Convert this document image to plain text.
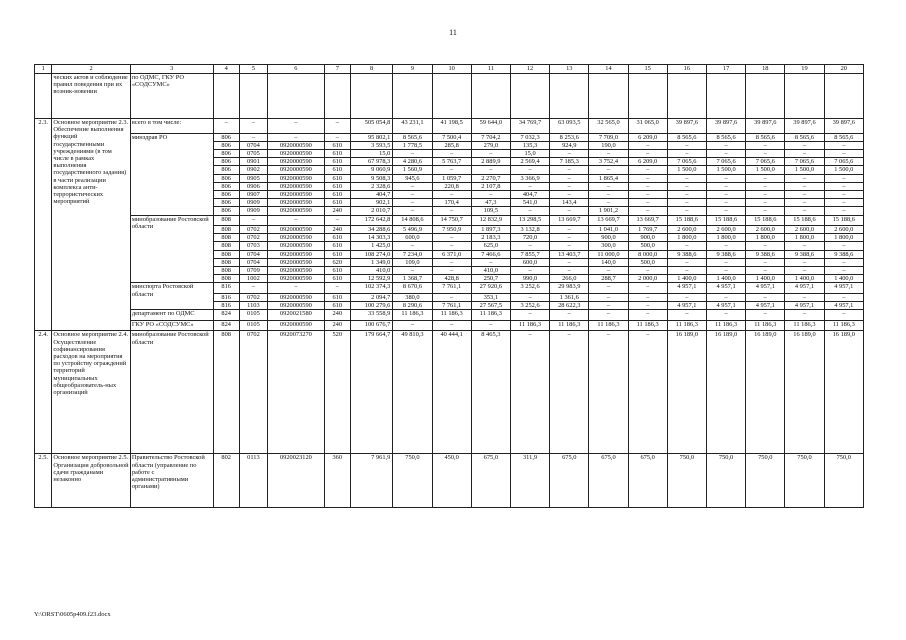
11
1	2	3	4	5	6	7	8	9	10	11	12	13	14	15	16	17	18	19	20
	ческих актов и соблюдение правил поведения при их возник-новении	по ОДМС, ГКУ РО «СОДСУМС»																	
2.3.	Основное мероприятие 2.3. Обеспечение выполнения функций государственными учреждениями (в том числе в рамках выполнения государственного задания) в части реализации комплекса анти-террористических мероприятий	всего в том числе:	–	–	–	–	505 054,8	43 231,1	41 198,5	59 644,0	34 769,7	63 093,5	32 565,0	31 065,0	39 897,6	39 897,6	39 897,6	39 897,6	39 897,6
		минздрав РО	806	–	–	–	95 802,1	8 565,6	7 500,4	7 704,2	7 032,3	8 253,6	7 709,0	6 209,0	8 565,6	8 565,6	8 565,6	8 565,6	8 565,6
			806	0704	0920000590	610	3 593,5	1 778,5	285,8	279,0	135,3	924,9	190,0	–	–	–	–	–	–
			806	0705	0920000590	610	15,0	–	–	–	15,0	–	–	–	–	–	–	–	–
			806	0901	0920000590	610	67 978,3	4 280,6	5 763,7	2 889,9	2 569,4	7 185,3	3 752,4	6 209,0	7 065,6	7 065,6	7 065,6	7 065,6	7 065,6
			806	0902	0920000590	610	9 060,9	1 560,9	–	–	–	–	–	–	1 500,0	1 500,0	1 500,0	1 500,0	1 500,0
			806	0905	0920000590	610	9 508,3	945,6	1 059,7	2 270,7	3 366,9	–	1 865,4	–	–	–	–	–	–
			806	0906	0920000590	610	2 328,6	–	220,8	2 107,8	–	–	–	–	–	–	–	–	–
			806	0907	0920000590	610	404,7	–	–	–	404,7	–	–	–	–	–	–	–	–
			806	0909	0920000590	610	902,1	–	170,4	47,3	541,0	143,4	–	–	–	–	–	–	–
			806	0909	0920000590	240	2 010,7	–	–	109,5	–	–	1 901,2	–	–	–	–	–	–
		минобразование Ростовской области	808	–	–	–	172 642,8	14 808,6	14 750,7	12 832,9	13 298,5	13 669,7	13 669,7	13 669,7	15 188,6	15 188,6	15 188,6	15 188,6	15 188,6
			808	0702	0920000590	240	34 288,6	5 496,9	7 950,9	1 897,3	3 132,8	–	1 041,0	1 769,7	2 600,0	2 600,0	2 600,0	2 600,0	2 600,0
			808	0702	0920000590	610	14 303,3	600,0	–	2 183,3	720,0	–	900,0	900,0	1 800,0	1 800,0	1 800,0	1 800,0	1 800,0
			808	0703	0920000590	610	1 425,0	–	–	625,0	–	–	300,0	500,0	–	–	–	–	–
			808	0704	0920000590	610	108 274,0	7 234,0	6 371,0	7 466,6	7 855,7	13 403,7	11 000,0	8 000,0	9 388,6	9 388,6	9 388,6	9 388,6	9 388,6
			808	0704	0920000590	620	1 349,0	109,0	–	–	600,0	–	140,0	500,0	–	–	–	–	–
			808	0709	0920000590	610	410,0	–	–	410,0	–	–	–	–	–	–	–	–	–
			808	1002	0920000590	610	12 592,9	1 368,7	428,8	250,7	990,0	266,0	288,7	2 000,0	1 400,0	1 400,0	1 400,0	1 400,0	1 400,0
		минспорта Ростовской области	816	–	–	–	102 374,3	8 670,6	7 761,1	27 920,6	3 252,6	29 983,9	–	–	4 957,1	4 957,1	4 957,1	4 957,1	4 957,1
			816	0702	0920000590	610	2 094,7	380,0	–	353,1	–	1 361,6	–	–	–	–	–	–	–
			816	1103	0920000590	610	100 279,6	8 290,6	7 761,1	27 567,5	3 252,6	28 622,3	–	–	4 957,1	4 957,1	4 957,1	4 957,1	4 957,1
		департамент по ОДМС	824	0105	0920021580	240	33 558,9	11 186,3	11 186,3	11 186,3	–	–	–	–	–	–	–	–	–
		ГКУ РО «СОДСУМС»	824	0105	0920000590	240	100 676,7	–	–	–	11 186,3	11 186,3	11 186,3	11 186,3	11 186,3	11 186,3	11 186,3	11 186,3	11 186,3
2.4.	Основное мероприятие 2.4. Осуществление софинансирования расходов на мероприятия по устройству ограждений территорий муниципальных общеобразователь-ных организаций	минобразование Ростовской области	808	0702	0920073270	520	179 664,7	49 810,3	40 444,1	8 465,3	–	–	–	–	16 189,0	16 189,0	16 189,0	16 189,0	16 189,0
2.5.	Основное мероприятие 2.5. Организация добровольной сдачи гражданами незаконно	Правительство Ростовской области (управление по работе с административными органами)	802	0113	0920023120	360	7 961,9	750,0	450,0	675,0	311,9	675,0	675,0	675,0	750,0	750,0	750,0	750,0	750,0
Y:\ORST\0605p409.f23.docx
